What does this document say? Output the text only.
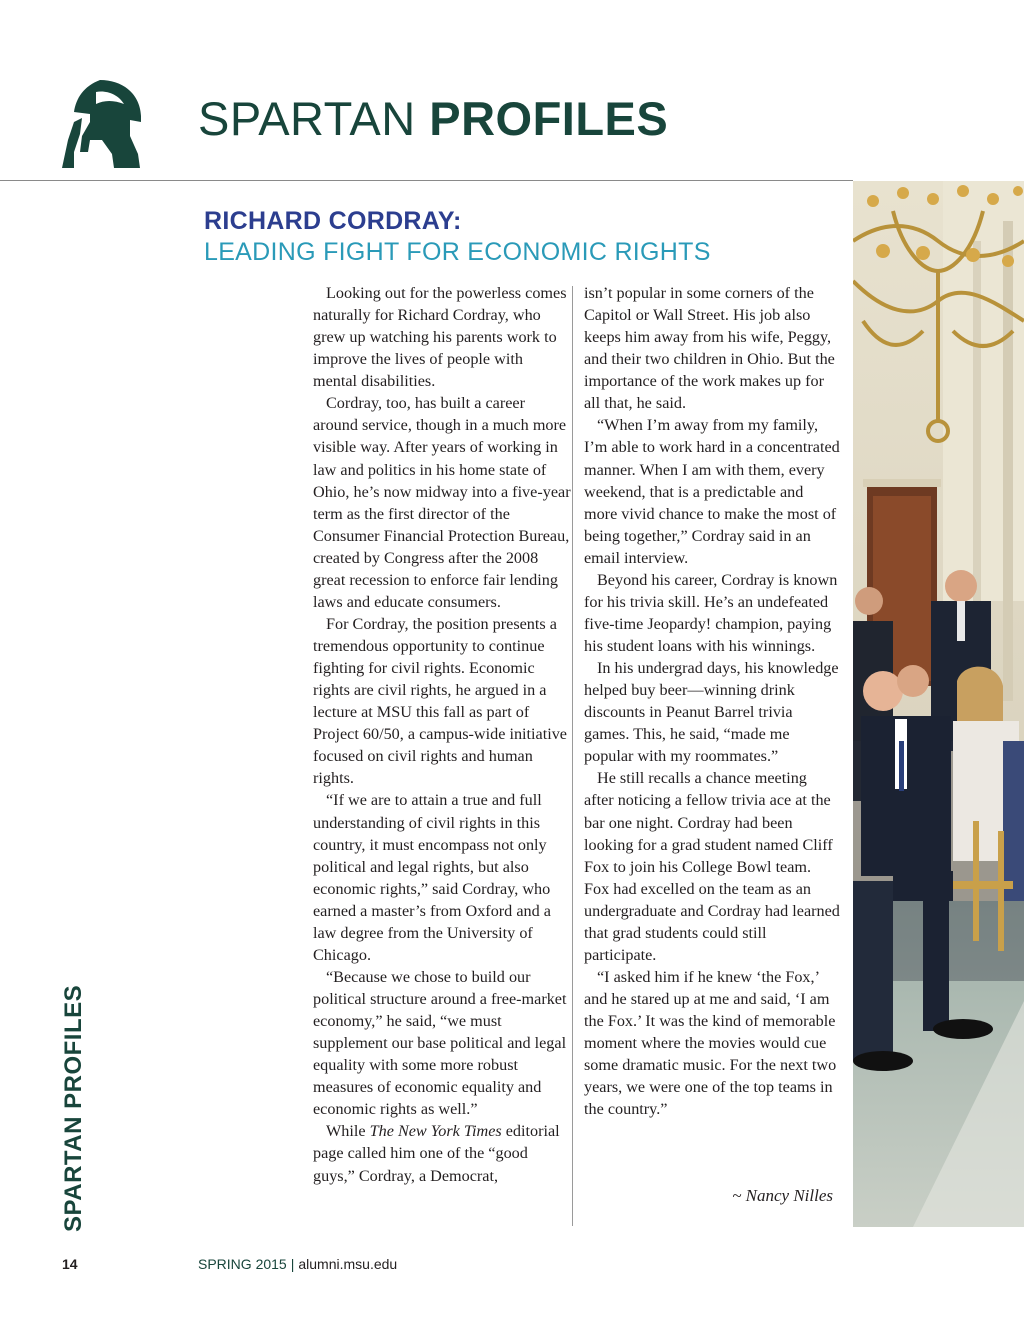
SPARTAN PROFILES
RICHARD CORDRAY:
LEADING FIGHT FOR ECONOMIC RIGHTS

Looking out for the powerless comes naturally for Richard Cordray, who grew up watching his parents work to improve the lives of people with mental disabilities.

Cordray, too, has built a career around service, though in a much more visible way. After years of working in law and politics in his home state of Ohio, he’s now midway into a five-year term as the first director of the Consumer Financial Protection Bureau, created by Congress after the 2008 great recession to enforce fair lending laws and educate consumers.

For Cordray, the position presents a tremendous opportunity to continue fighting for civil rights. Economic rights are civil rights, he argued in a lecture at MSU this fall as part of Project 60/50, a campus-wide initiative focused on civil rights and human rights.

“If we are to attain a true and full understanding of civil rights in this country, it must encompass not only political and legal rights, but also economic rights,” said Cordray, who earned a master’s from Oxford and a law degree from the University of Chicago.

“Because we chose to build our political structure around a free-market economy,” he said, “we must supplement our base political and legal equality with some more robust measures of economic equality and economic rights as well.”

While The New York Times editorial page called him one of the “good guys,” Cordray, a Democrat,

isn’t popular in some corners of the Capitol or Wall Street. His job also keeps him away from his wife, Peggy, and their two children in Ohio. But the importance of the work makes up for all that, he said.

“When I’m away from my family, I’m able to work hard in a concentrated manner. When I am with them, every weekend, that is a predictable and more vivid chance to make the most of being together,” Cordray said in an email interview.

Beyond his career, Cordray is known for his trivia skill. He’s an undefeated five-time Jeopardy! champion, paying his student loans with his winnings.

In his undergrad days, his knowledge helped buy beer—winning drink discounts in Peanut Barrel trivia games. This, he said, “made me popular with my roommates.”

He still recalls a chance meeting after noticing a fellow trivia ace at the bar one night. Cordray had been looking for a grad student named Cliff Fox to join his College Bowl team. Fox had excelled on the team as an undergraduate and Cordray had learned that grad students could still participate.

“I asked him if he knew ‘the Fox,’ and he stared up at me and said, ‘I am the Fox.’ It was the kind of memorable moment where the movies would cue some dramatic music. For the next two years, we were one of the top teams in the country.”

~ Nancy Nilles
SPARTAN PROFILES
14	SPRING 2015 | alumni.msu.edu
